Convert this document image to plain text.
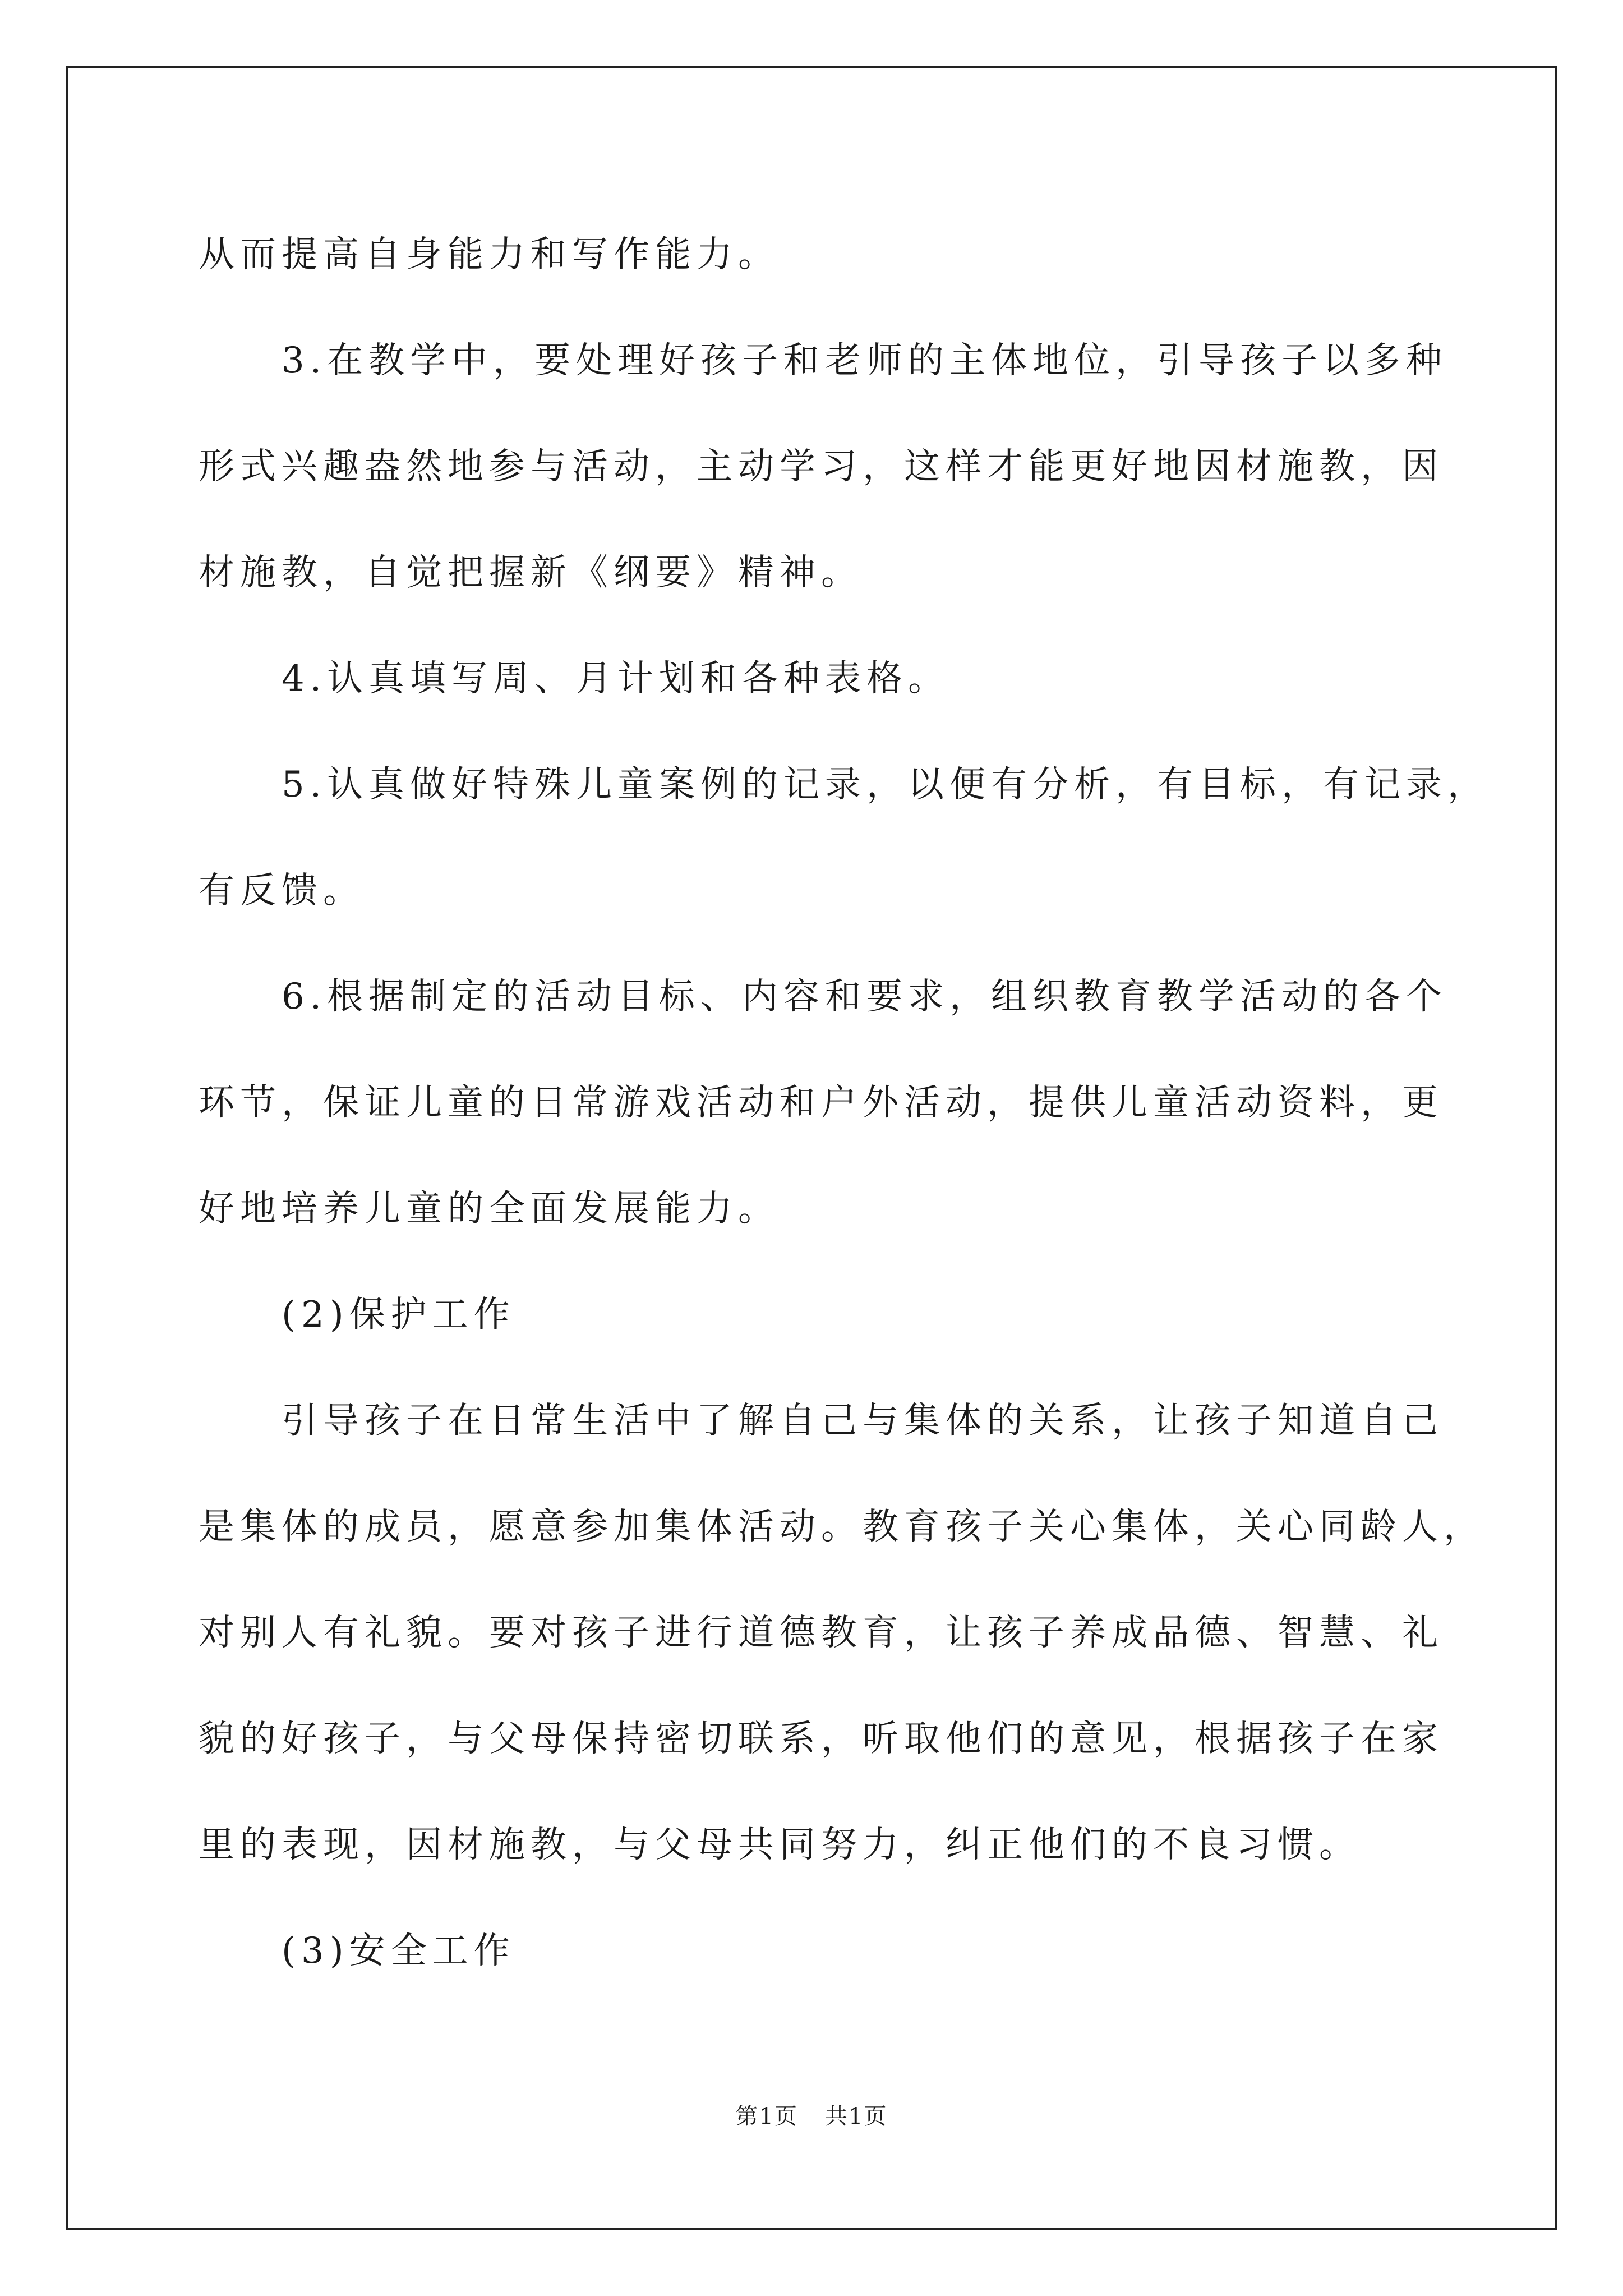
从而提高自身能力和写作能力。

3.在教学中，要处理好孩子和老师的主体地位，引导孩子以多种
形式兴趣盎然地参与活动，主动学习，这样才能更好地因材施教，因
材施教，自觉把握新《纲要》精神。

4.认真填写周、月计划和各种表格。

5.认真做好特殊儿童案例的记录，以便有分析，有目标，有记录，
有反馈。

6.根据制定的活动目标、内容和要求，组织教育教学活动的各个
环节，保证儿童的日常游戏活动和户外活动，提供儿童活动资料，更
好地培养儿童的全面发展能力。

(2)保护工作

引导孩子在日常生活中了解自己与集体的关系，让孩子知道自己
是集体的成员，愿意参加集体活动。教育孩子关心集体，关心同龄人，
对别人有礼貌。要对孩子进行道德教育，让孩子养成品德、智慧、礼
貌的好孩子，与父母保持密切联系，听取他们的意见，根据孩子在家
里的表现，因材施教，与父母共同努力，纠正他们的不良习惯。

(3)安全工作

第1页 共1页
